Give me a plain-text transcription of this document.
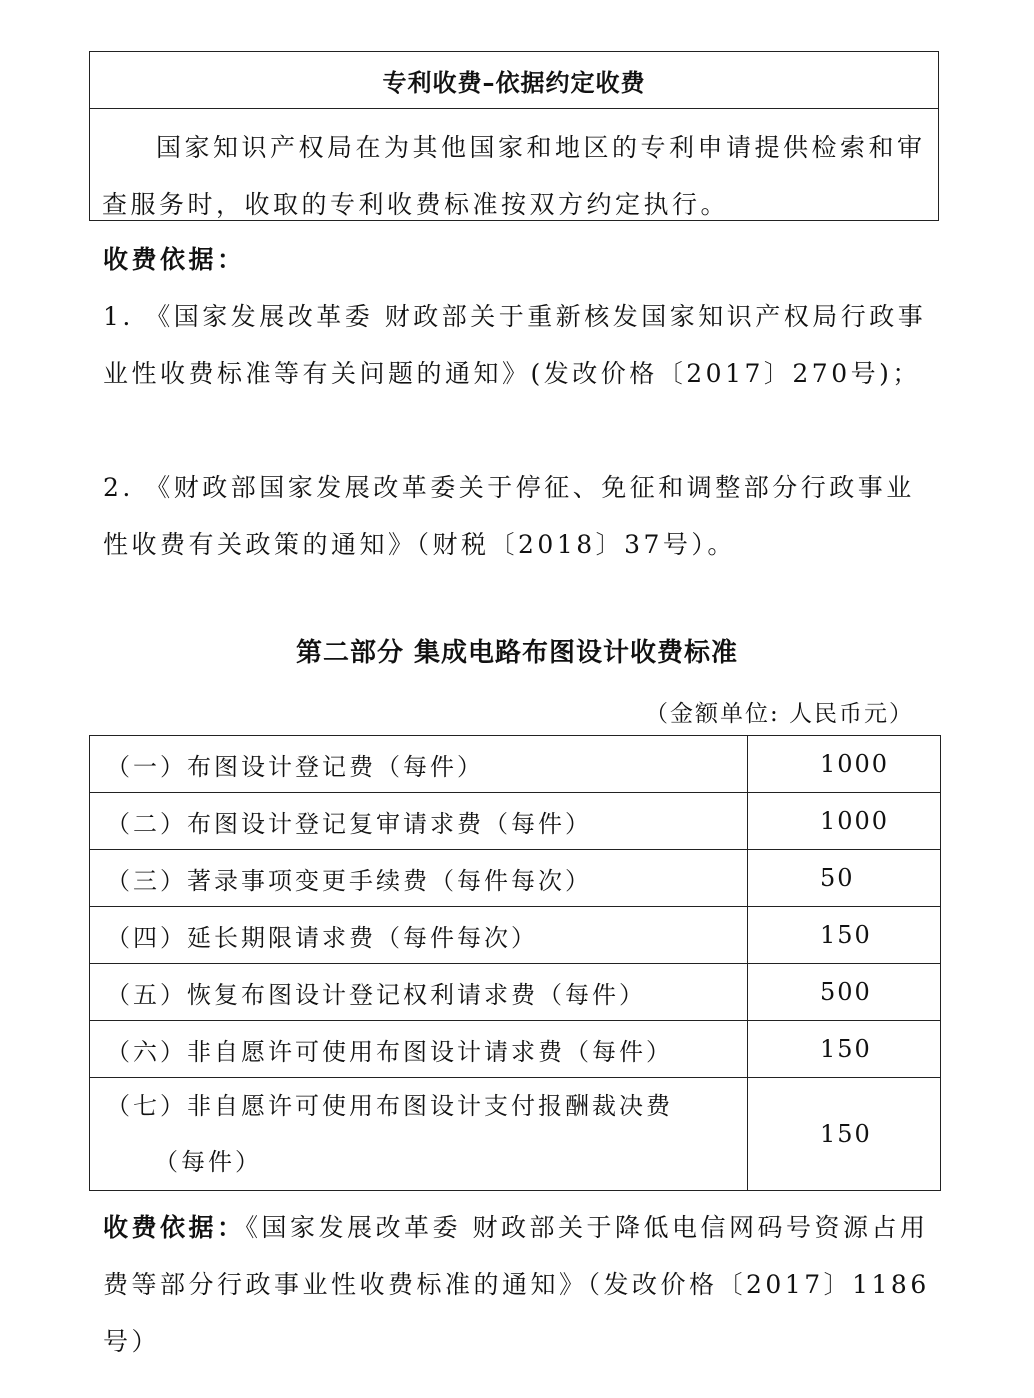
专利收费–依据约定收费
国家知识产权局在为其他国家和地区的专利申请提供检索和审查服务时，收取的专利收费标准按双方约定执行。

收费依据：

1. 《国家发展改革委 财政部关于重新核发国家知识产权局行政事业性收费标准等有关问题的通知》(发改价格〔2017〕270号)；

2. 《财政部国家发展改革委关于停征、免征和调整部分行政事业性收费有关政策的通知》（财税〔2018〕37号）。

第二部分 集成电路布图设计收费标准
（金额单位: 人民币元）
（一）布图设计登记费（每件）	1000
（二）布图设计登记复审请求费（每件）	1000
（三）著录事项变更手续费（每件每次）	50
（四）延长期限请求费（每件每次）	150
（五）恢复布图设计登记权利请求费（每件）	500
（六）非自愿许可使用布图设计请求费（每件）	150
（七）非自愿许可使用布图设计支付报酬裁决费

（每件）	150

收费依据：《国家发展改革委 财政部关于降低电信网码号资源占用费等部分行政事业性收费标准的通知》（发改价格〔2017〕1186号）
